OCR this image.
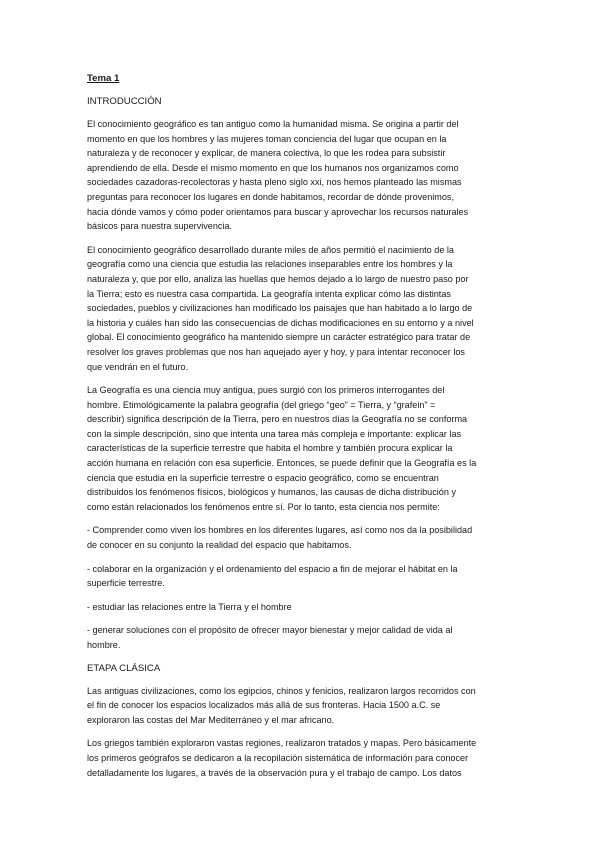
Tema 1
INTRODUCCIÓN

El conocimiento geográfico es tan antiguo como la humanidad misma. Se origina a partir del
momento en que los hombres y las mujeres toman conciencia del lugar que ocupan en la
naturaleza y de reconocer y explicar, de manera colectiva, lo que les rodea para subsistir
aprendiendo de ella. Desde el mismo momento en que los humanos nos organizamos como
sociedades cazadoras-recolectoras y hasta pleno siglo xxi, nos hemos planteado las mismas
preguntas para reconocer los lugares en donde habitamos, recordar de dónde provenimos,
hacia dónde vamos y cómo poder orientamos para buscar y aprovechar los recursos naturales
básicos para nuestra supervivencia.

El conocimiento geográfico desarrollado durante miles de años permitió el nacimiento de la
geografía como una ciencia que estudia las relaciones inseparables entre los hombres y la
naturaleza y, que por ello, analiza las huellas que hemos dejado a lo largo de nuestro paso por
la Tierra; esto es nuestra casa compartida. La geografía intenta explicar cómo las distintas
sociedades, pueblos y civilizaciones han modificado los paisajes que han habitado a lo largo de
la historia y cuáles han sido las consecuencias de dichas modificaciones en su entorno y a nivel
global. El conocimiento geográfico ha mantenido siempre un carácter estratégico para tratar de
resolver los graves problemas que nos han aquejado ayer y hoy, y para intentar reconocer los
que vendrán en el futuro.

La Geografía es una ciencia muy antigua, pues surgió con los primeros interrogantes del
hombre. Etimológicamente la palabra geografía (del griego “geo” = Tierra, y “grafein” =
describir) significa descripción de la Tierra, pero en nuestros días la Geografía no se conforma
con la simple descripción, sino que intenta una tarea más compleja e importante: explicar las
características de la superficie terrestre que habita el hombre y también procura explicar la
acción humana en relación con esa superficie. Entonces, se puede definir que la Geografía es la
ciencia que estudia en la superficie terrestre o espacio geográfico, como se encuentran
distribuidos los fenómenos físicos, biológicos y humanos, las causas de dicha distribución y
como están relacionados los fenómenos entre sí. Por lo tanto, esta ciencia nos permite:

- Comprender como viven los hombres en los diferentes lugares, así como nos da la posibilidad
de conocer en su conjunto la realidad del espacio que habitamos.

- colaborar en la organización y el ordenamiento del espacio a fin de mejorar el hábitat en la
superficie terrestre.

- estudiar las relaciones entre la Tierra y el hombre

- generar soluciones con el propósito de ofrecer mayor bienestar y mejor calidad de vida al
hombre.

ETAPA CLÁSICA

Las antiguas civilizaciones, como los egipcios, chinos y fenicios, realizaron largos recorridos con
el fin de conocer los espacios localizados más allá de sus fronteras. Hacia 1500 a.C. se
exploraron las costas del Mar Mediterráneo y el mar africano.

Los griegos también exploraron vastas regiones, realizaron tratados y mapas. Pero básicamente
los primeros geógrafos se dedicaron a la recopilación sistemática de información para conocer
detalladamente los lugares, a través de la observación pura y el trabajo de campo. Los datos
